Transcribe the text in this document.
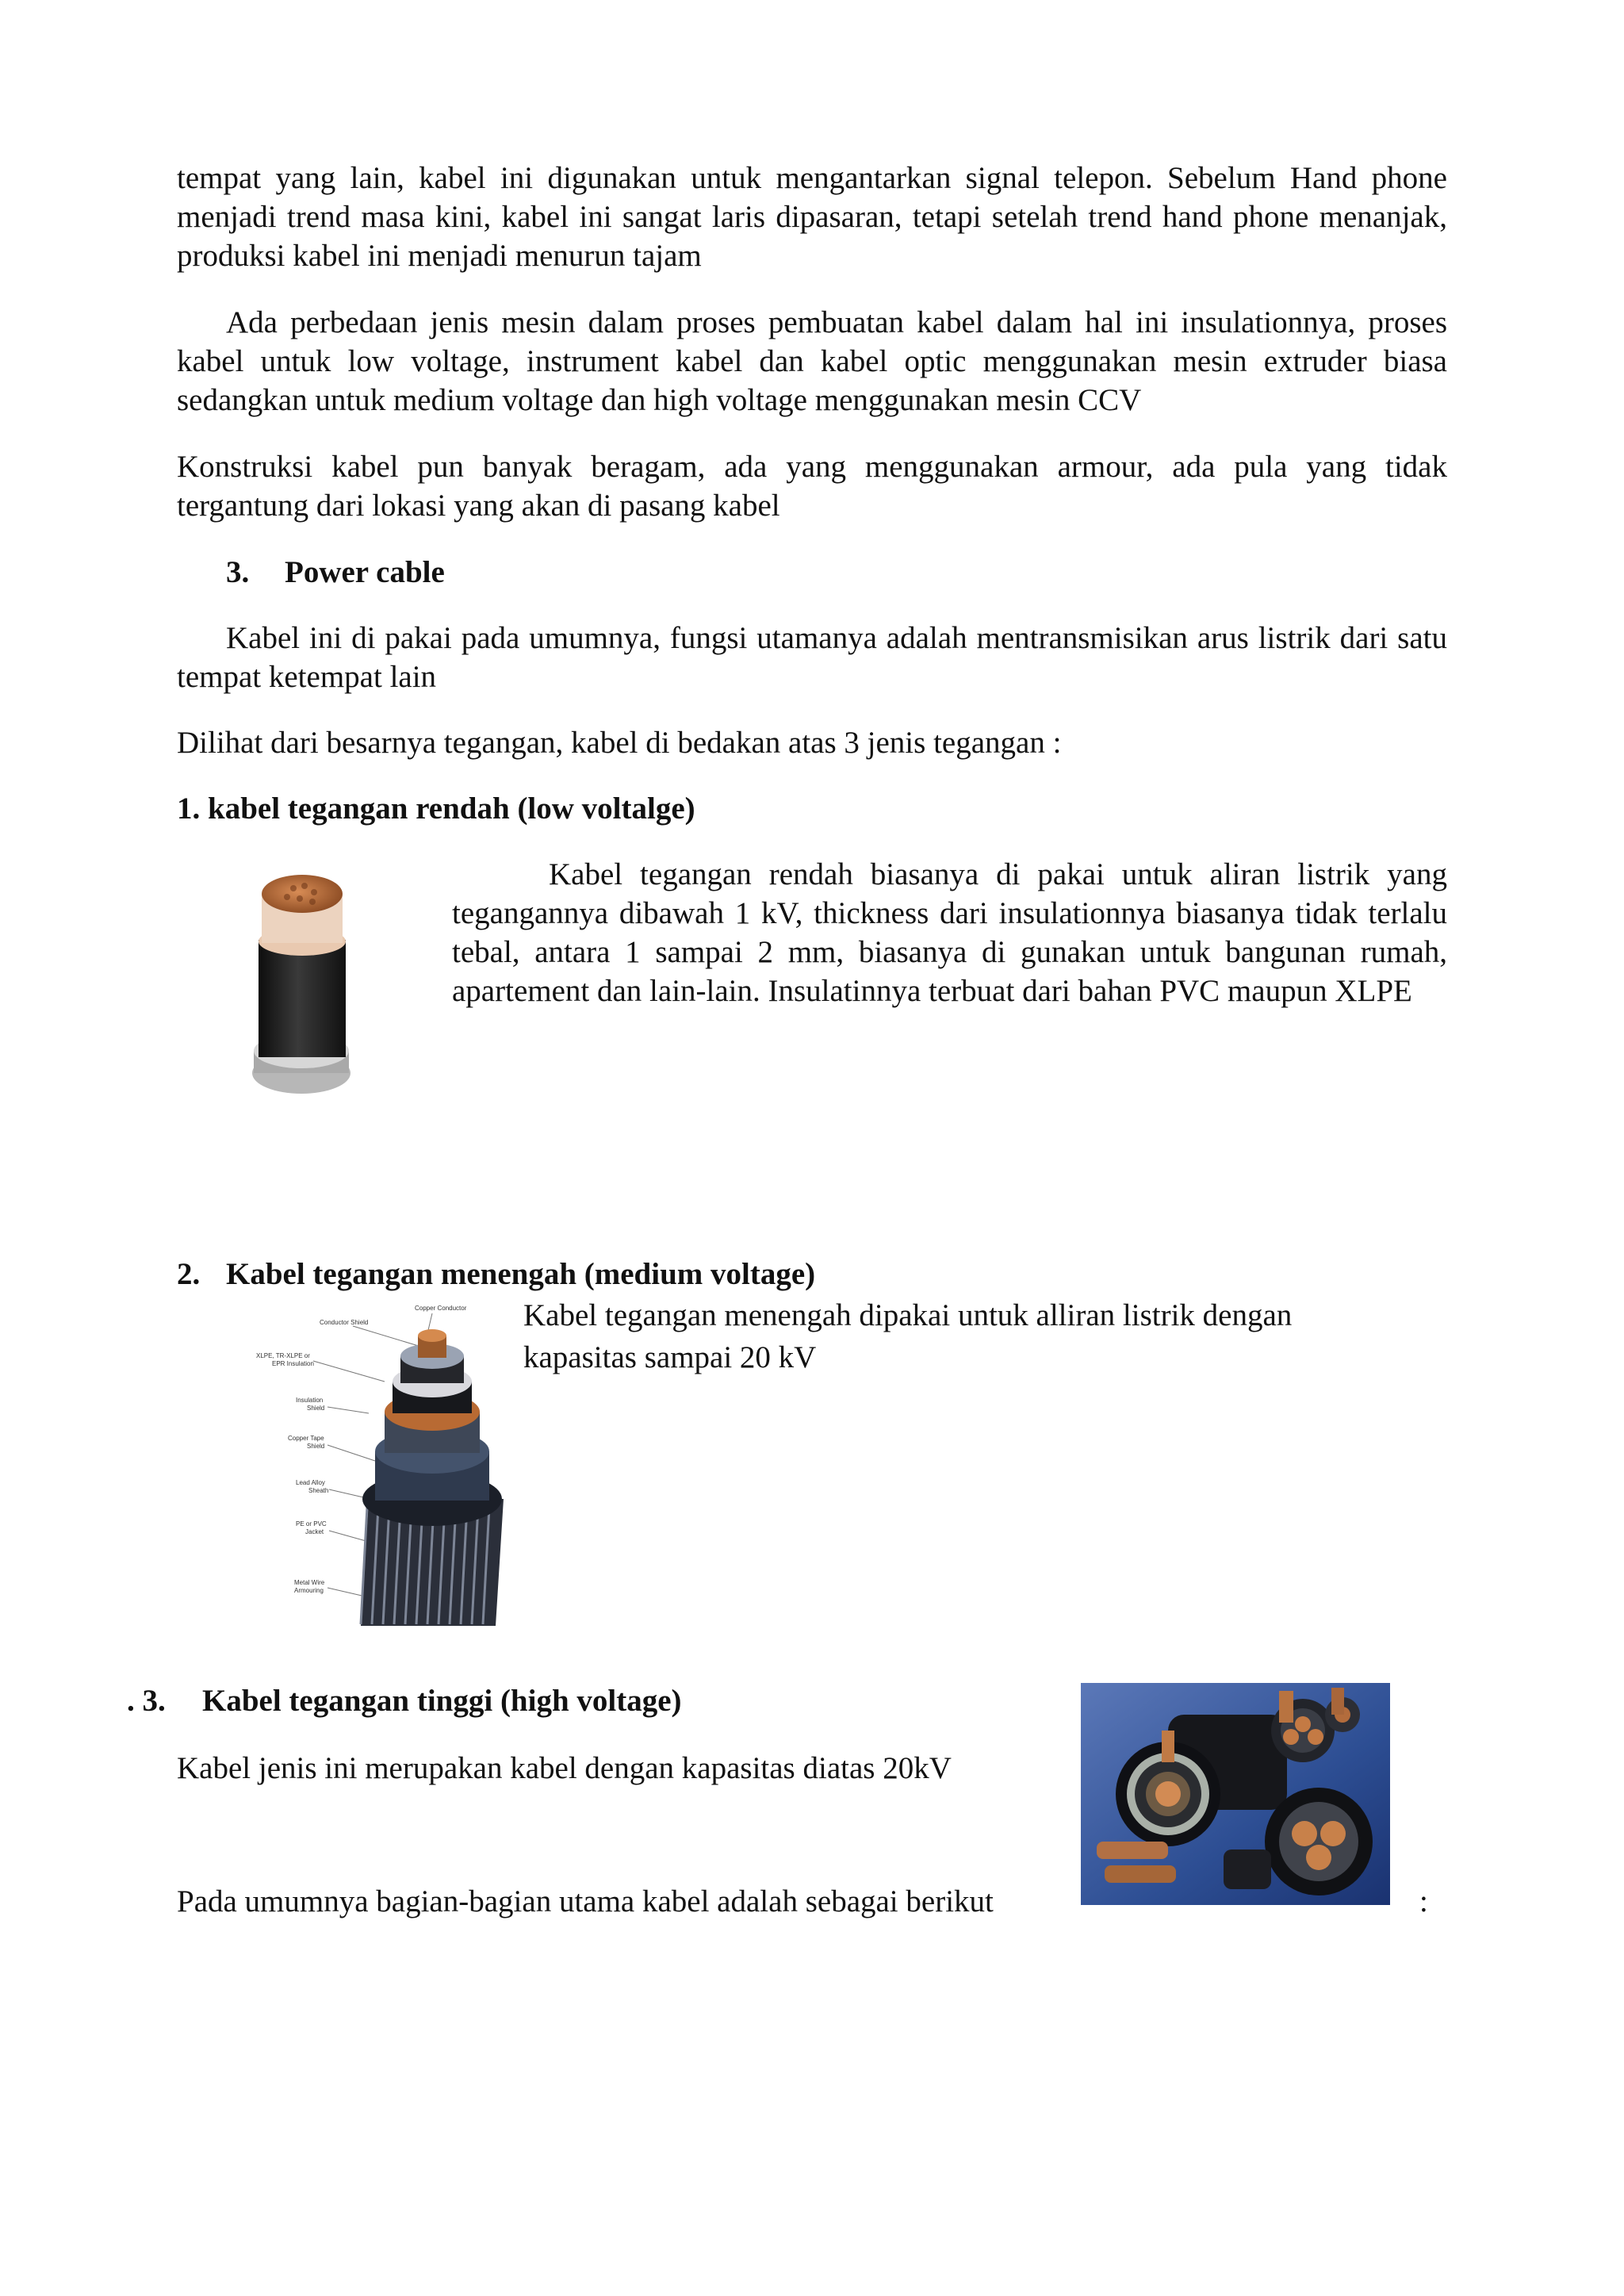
tempat yang lain, kabel ini digunakan untuk mengantarkan signal telepon. Sebelum Hand phone menjadi trend masa kini, kabel ini sangat laris dipasaran, tetapi setelah trend hand phone menanjak, produksi kabel ini menjadi menurun tajam

Ada perbedaan jenis mesin dalam proses pembuatan kabel dalam hal ini insulationnya, proses kabel untuk low voltage, instrument kabel dan kabel optic menggunakan mesin extruder biasa sedangkan untuk medium voltage dan high voltage menggunakan mesin CCV

Konstruksi kabel pun banyak beragam, ada yang menggunakan armour, ada pula yang tidak tergantung dari lokasi yang akan di pasang kabel

3. Power cable

Kabel ini di pakai pada umumnya, fungsi utamanya adalah mentransmisikan arus listrik dari satu tempat ketempat lain

Dilihat dari besarnya tegangan, kabel di bedakan atas 3 jenis tegangan :

1. kabel tegangan rendah (low voltalge)
Kabel tegangan rendah biasanya di pakai untuk aliran listrik yang tegangannya dibawah 1 kV, thickness dari insulationnya biasanya tidak terlalu tebal, antara 1 sampai 2 mm, biasanya di gunakan untuk bangunan rumah, apartement dan lain-lain. Insulatinnya terbuat dari bahan PVC maupun XLPE
2. Kabel tegangan menengah (medium voltage)
Copper Conductor
Conductor Shield
XLPE, TR-XLPE or
EPR Insulation
Insulation
Shield
Copper Tape
Shield
Lead Alloy
Sheath
PE or PVC
Jacket
Metal Wire
Armouring
Kabel tegangan menengah dipakai untuk alliran listrik dengan
kapasitas sampai 20 kV
. 3. Kabel tegangan tinggi (high voltage)

Kabel jenis ini merupakan kabel dengan kapasitas diatas 20kV

Pada umumnya bagian-bagian utama kabel adalah sebagai berikut	:
